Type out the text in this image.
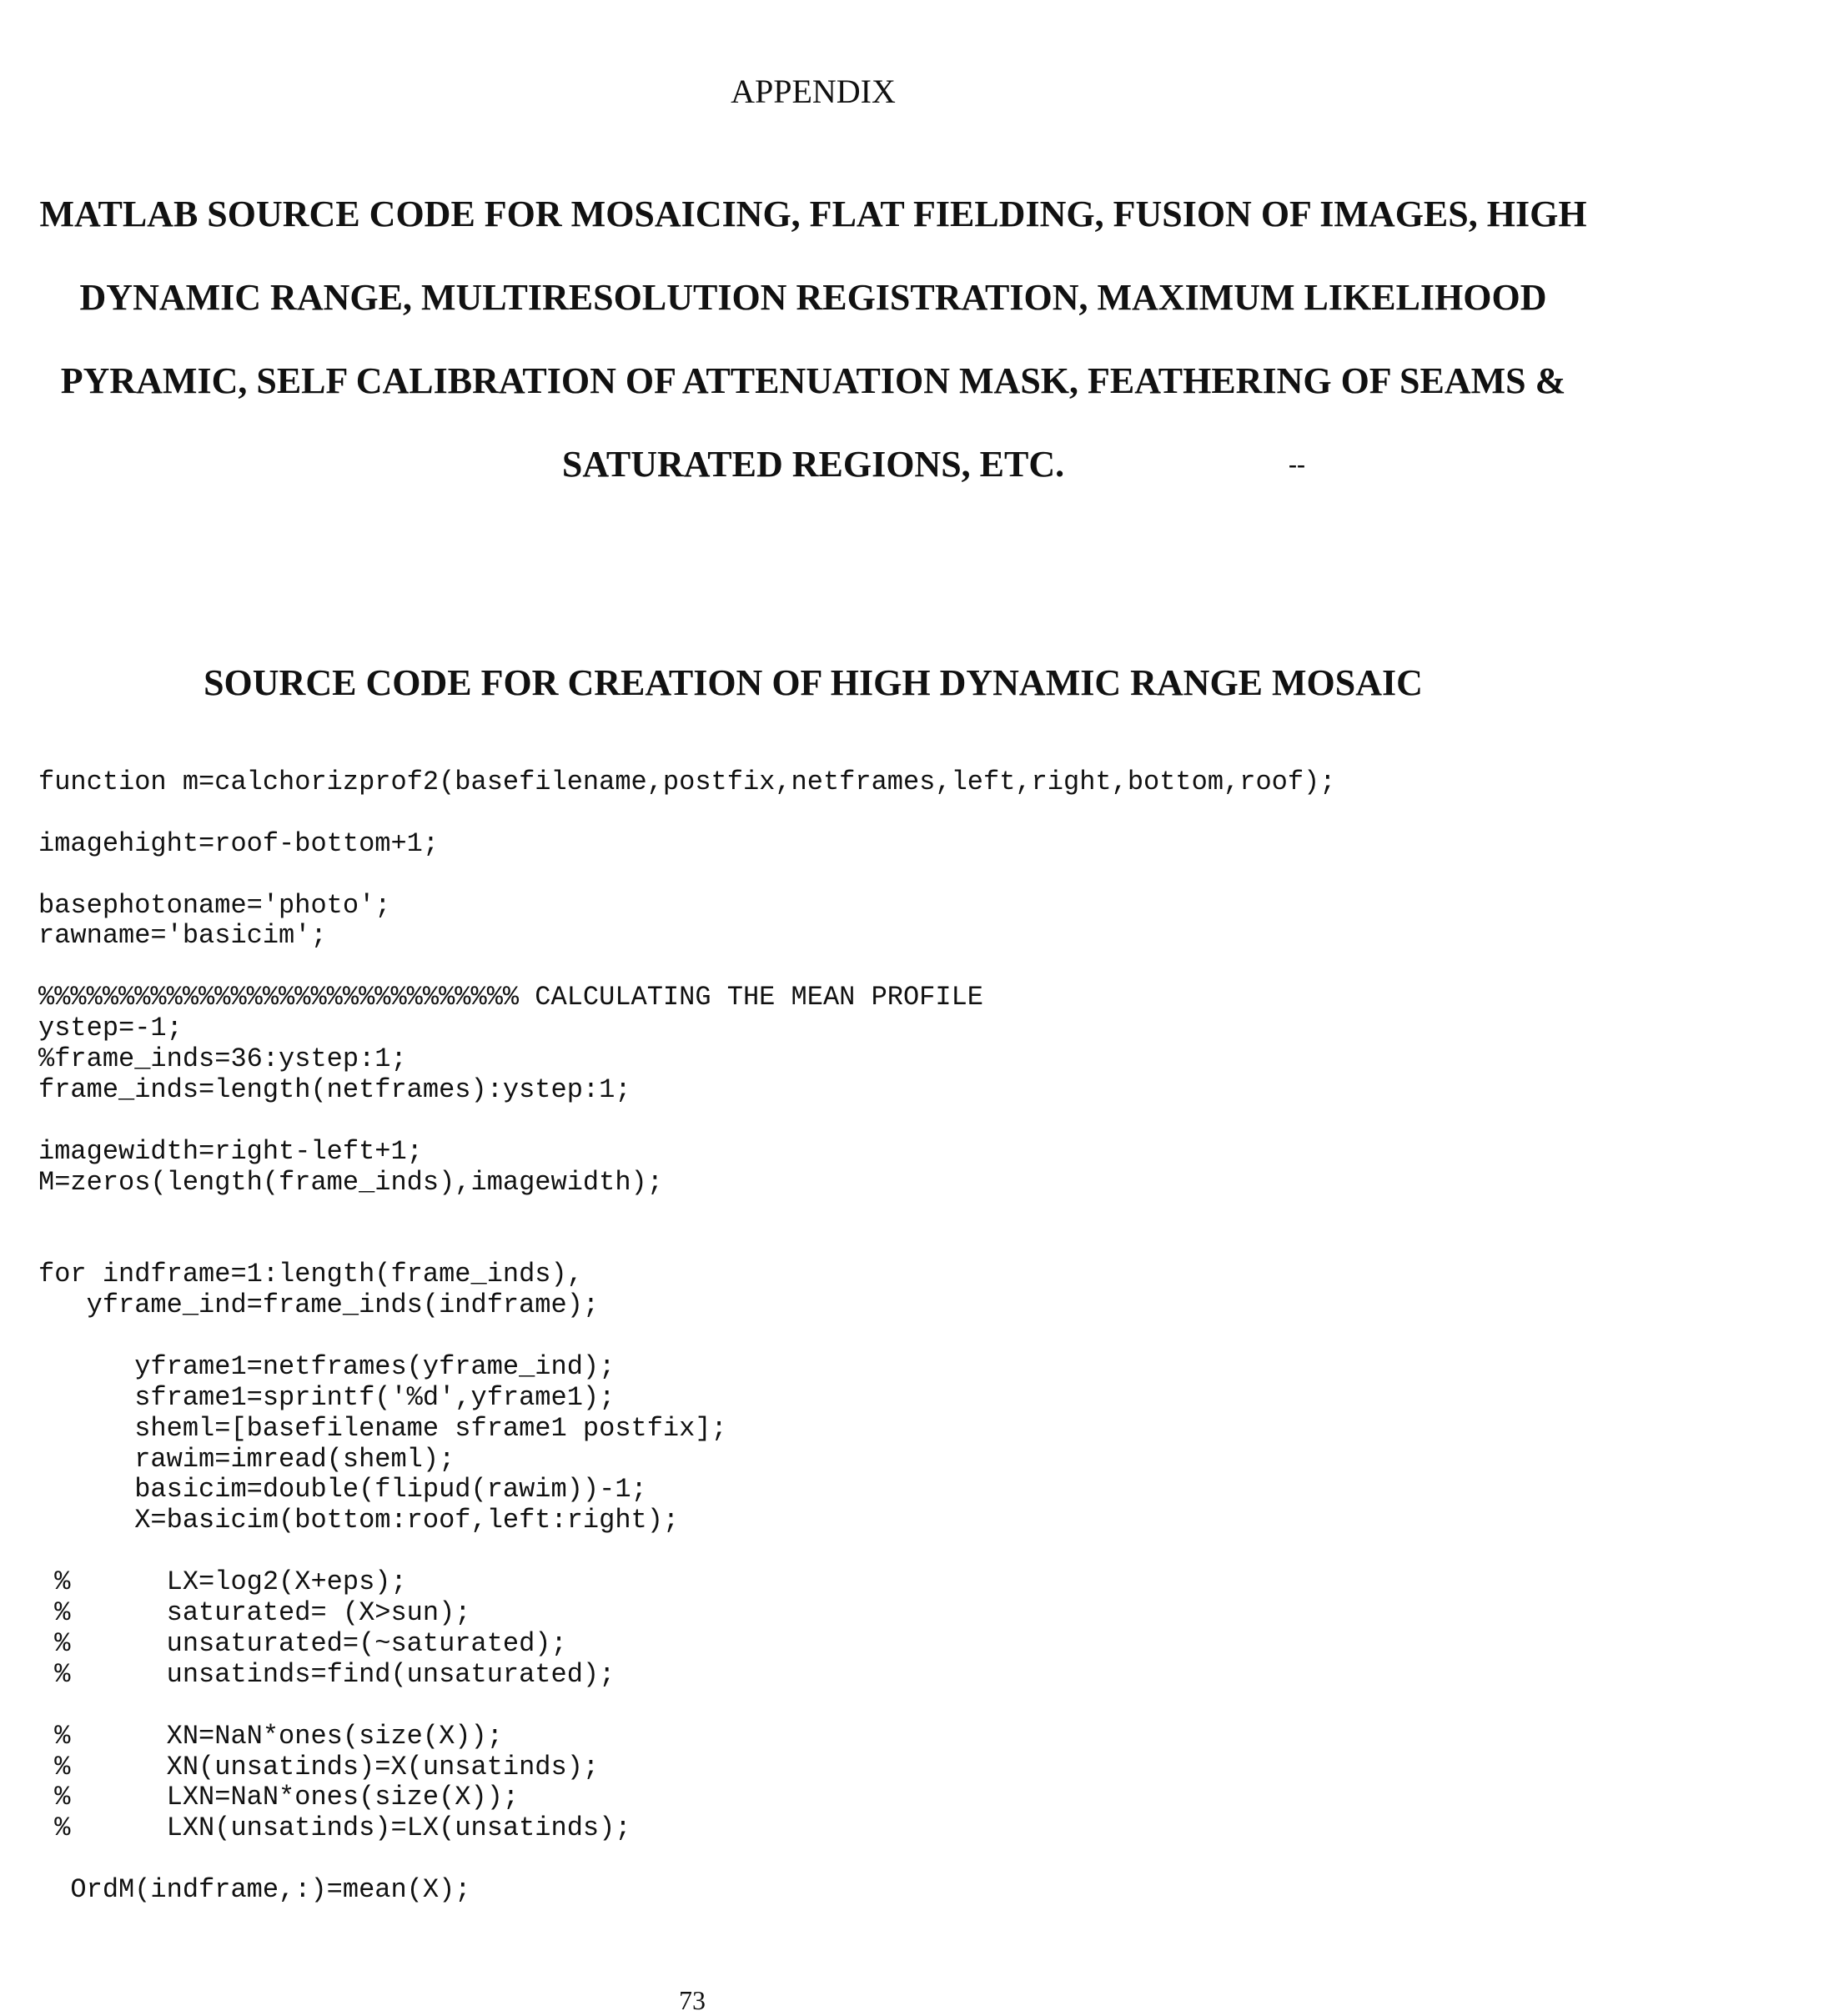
APPENDIX
MATLAB SOURCE CODE FOR MOSAICING, FLAT FIELDING, FUSION OF IMAGES, HIGH
DYNAMIC RANGE, MULTIRESOLUTION REGISTRATION, MAXIMUM LIKELIHOOD
PYRAMIC, SELF CALIBRATION OF ATTENUATION MASK, FEATHERING OF SEAMS &
SATURATED REGIONS, ETC.	--
SOURCE CODE FOR CREATION OF HIGH DYNAMIC RANGE MOSAIC
function m=calchorizprof2(basefilename,postfix,netframes,left,right,bottom,roof);
imagehight=roof-bottom+1;
basephotoname='photo';
rawname='basicim';
%%%%%%%%%%%%%%%%%%%%%%%%%%%%%% CALCULATING THE MEAN PROFILE
ystep=-1;
%frame_inds=36:ystep:1;
frame_inds=length(netframes):ystep:1;
imagewidth=right-left+1;
M=zeros(length(frame_inds),imagewidth);
for indframe=1:length(frame_inds),
yframe_ind=frame_inds(indframe);
yframe1=netframes(yframe_ind);
sframe1=sprintf('%d',yframe1);
sheml=[basefilename sframe1 postfix];
rawim=imread(sheml);
basicim=double(flipud(rawim))-1;
X=basicim(bottom:roof,left:right);
%      LX=log2(X+eps);
%      saturated= (X>sun);
%      unsaturated=(~saturated);
%      unsatinds=find(unsaturated);
%      XN=NaN*ones(size(X));
%      XN(unsatinds)=X(unsatinds);
%      LXN=NaN*ones(size(X));
%      LXN(unsatinds)=LX(unsatinds);
OrdM(indframe,:)=mean(X);
73
